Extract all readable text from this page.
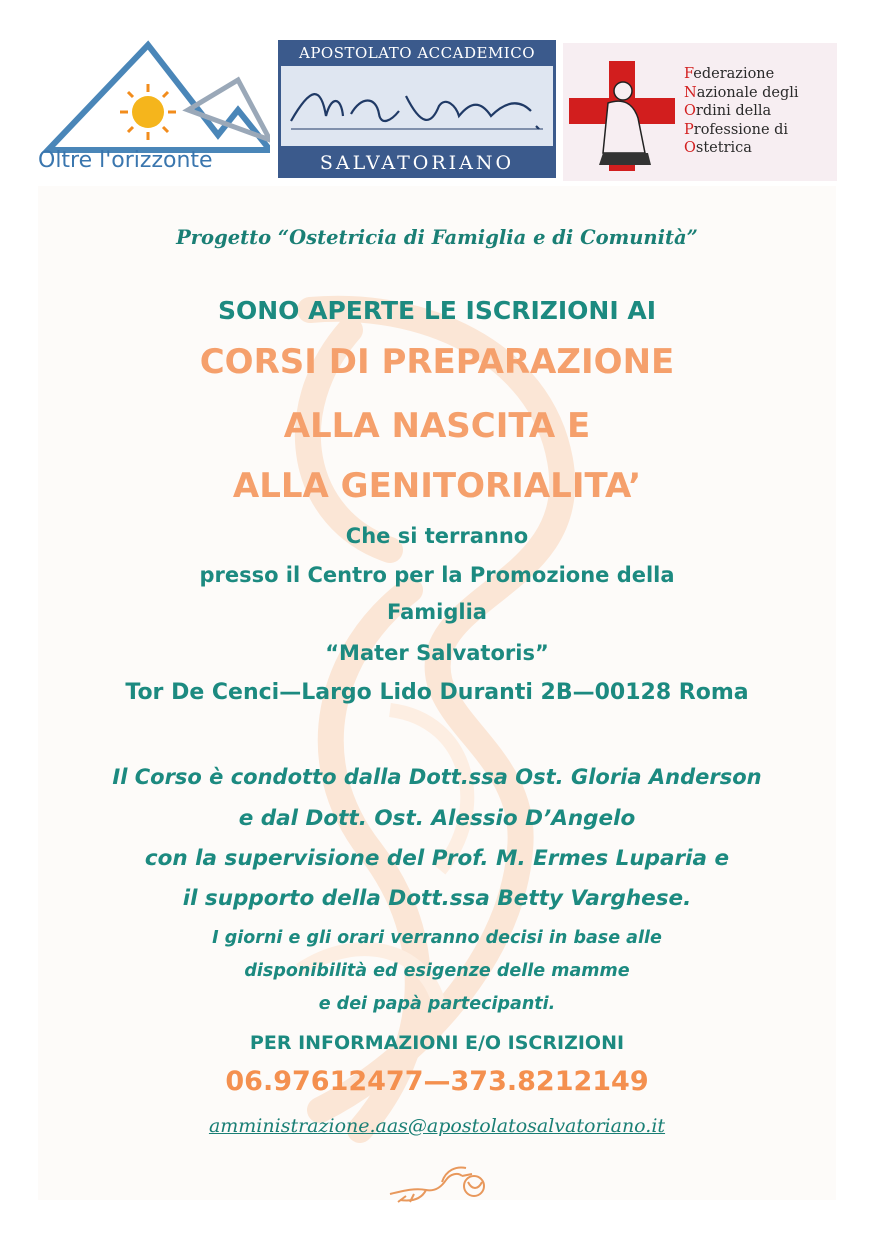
Oltre l'orizzonte
APOSTOLATO ACCADEMICO
SALVATORIANO
Federazione
Nazionale degli
Ordini della
Professione di
Ostetrica

Progetto “Ostetricia di Famiglia e di Comunità”

SONO APERTE LE ISCRIZIONI AI

CORSI DI PREPARAZIONE

ALLA NASCITA E

ALLA GENITORIALITA’

Che si terranno

presso il Centro per la Promozione della

Famiglia

“Mater Salvatoris”

Tor De Cenci—Largo Lido Duranti 2B—00128 Roma

Il Corso è condotto dalla Dott.ssa Ost. Gloria Anderson

e dal Dott. Ost. Alessio D’Angelo

con la supervisione del Prof. M. Ermes Luparia e

il supporto della Dott.ssa Betty Varghese.

I giorni e gli orari verranno decisi in base alle

disponibilità ed esigenze delle mamme

e dei papà partecipanti.

PER INFORMAZIONI E/O ISCRIZIONI

06.97612477—373.8212149

amministrazione.aas@apostolatosalvatoriano.it
